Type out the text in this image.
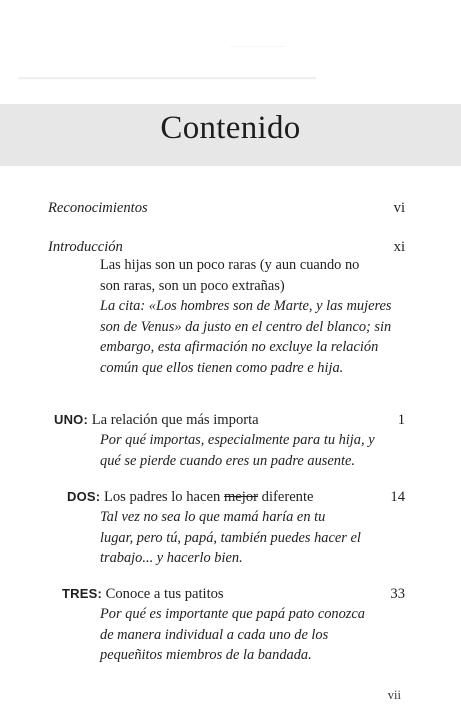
―――――
━━━━━━━━━━━━━━━━━━━━━━━━━━━━━━━━━━━━━━━━━━━━━
Contenido
Reconocimientos	vi
Introducción	xi

Las hijas son un poco raras (y aun cuando no

son raras, son un poco extrañas)

La cita: «Los hombres son de Marte, y las mujeres

son de Venus» da justo en el centro del blanco; sin

embargo, esta afirmación no excluye la relación

común que ellos tienen como padre e hija.

UNO: La relación que más importa	1

Por qué importas, especialmente para tu hija, y

qué se pierde cuando eres un padre ausente.

DOS: Los padres lo hacen mejor diferente	14

Tal vez no sea lo que mamá haría en tu

lugar, pero tú, papá, también puedes hacer el

trabajo... y hacerlo bien.

TRES: Conoce a tus patitos	33

Por qué es importante que papá pato conozca

de manera individual a cada uno de los

pequeñitos miembros de la bandada.

vii
